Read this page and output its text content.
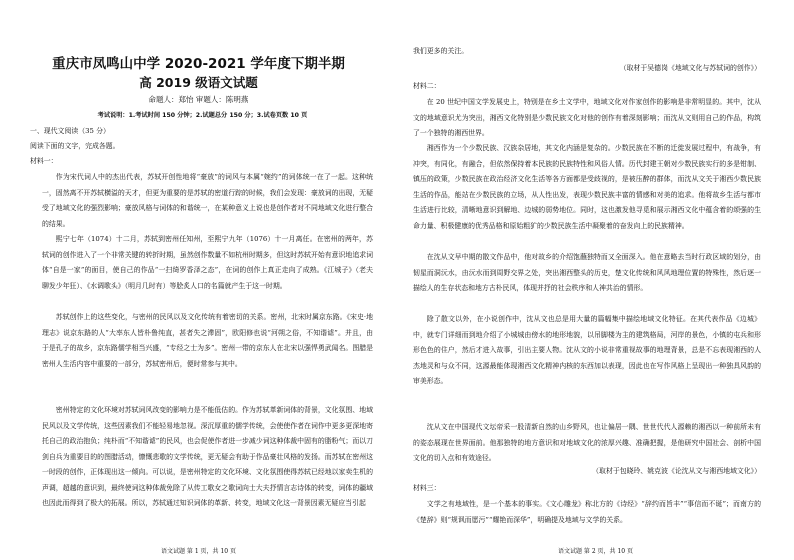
重庆市凤鸣山中学 2020-2021 学年度下期半期
高 2019 级语文试题
命题人：郑怡 审题人：陈明燕
考试说明：1.考试时间 150 分钟；2.试题总分 150 分；3.试卷页数 10 页
一、现代文阅读（35 分）
阅读下面的文字，完成各题。
材料一：

作为宋代词人中的杰出代表，苏轼开创性地将“豪放”的词风与本属“婉约”的词体统一在了一起。这种统一，固然离不开苏轼横溢的天才，但更为重要的是苏轼的密道行踪的时候，我们会发现：豪放词的出现，无疑受了地域文化的强烈影响；豪放风格与词体的和谐统一，在某种意义上说也是创作者对不同地域文化进行整合的结果。

熙宁七年（1074）十二月，苏轼到密州任知州，至熙宁九年（1076）十一月离任。在密州的两年，苏轼词的创作进入了一个非常关键的转折时期，虽然创作数量不如杭州时期多，但这时苏轼开始有意识地追求词体“自是一家”的面目，使自己的作品“一扫绮罗香泽之态”，在词的创作上真正走向了成熟。《江城子》（老夫聊发少年狂）、《水调歌头》（明月几时有）等脍炙人口的名篇就产生于这一时期。

苏轼创作上的这些变化，与密州的民风以及文化传统有着密切的关系。密州，北宋时属京东路。《宋史·地理志》说京东路的人“大率东人皆朴鲁纯直，甚者失之滞固”，欧阳修也说“河朔之俗，不知谐谑”。并且，由于是孔子的故乡，京东路儒学相当兴盛，“专经之士为多”。密州一带的京东人在北宋以强悍勇武闻名。图腊是密州人生活内容中重要的一部分，苏轼密州后，便时常参与其中。

密州特定的文化环境对苏轼词风改变的影响力是不能低估的。作为苏轼革新词体的背景，文化氛围、地域民风以及文学传统，这些因素我们不能轻易地忽视。深沉厚重的儒学传统，会使使作者在词作中更多更深地寄托自己的政治抱负；纯朴而“不知谐谑”的民风，也会促使作者进一步减少词这种体裁中固有的脂粉气；而以刀剑自兵为重要目的的图腊活动，慷慨悲歌的文学传统，更无疑会有助于作品豪壮风格的发扬。而苏轼在密州这一时段的创作，正体现出这一倾向。可以说，是密州特定的文化环境、文化氛围使得苏轼已经地以家卖生机的声调，超越的意识到，最终使词这种体裁免除了从传工歌女之歌词向士大夫抒情言志诗体的转变，词体的疆域也因此而得到了极大的拓展。所以，苏轼通过知识词体的革新、转变，地域文化这一背景因素无疑应当引起

语文试题 第 1 页，共 10 页
我们更多的关注。
（取材于吴德岗《地域文化与苏轼词的创作》）
材料二：

在 20 世纪中国文学发展史上，特别是在乡土文学中，地域文化对作家创作的影响是非常明显的。其中，沈从文的地域意识尤为突出，湘西文化特别是少数民族文化对他的创作有着深刻影响；而沈从文则用自己的作品，构筑了一个独特的湘西世界。

湘西作为一个少数民族、汉族杂居地，其文化内涵是复杂的。少数民族在不断的迁徙发展过程中，有战争，有冲突，有同化，有融合，但依然保持着本民族的民族特性和风俗人情。历代封建王朝对少数民族实行的多是钳制、镇压的政策，少数民族在政治经济文化生活等各方面都是受歧视的，是被压醉的群体，而沈从文关于湘西少数民族生活的作品，能站在少数民族的立场，从人性出发，表现少数民族丰富的情感和对美的追求。他将故乡生活与都市生活进行比较，清晰地意识到解地、边城的弱势地位。同时，这也激发他寻觅和展示湘西文化中蕴含着的颂强的生命力量、积极健康的优秀品格和原始粗犷的少数民族生活中凝聚着的奋发向上的民族精神。

在沈从文早中期的散文作品中，他对故乡的介绍饱蘸独特而又全面深入。他在意略去当时行政区域的划分，由韧星而洞沅水，由沅水而到周野交界之处，突出湘西整头的历史，楚文化传统和风风地理位置的特殊性，然后逐一描绘人的生存状态和地方古朴民风，体现并抒的社会秩序和人神共治的情形。

除了散文以外，在小说创作中，沈从文也总是用大量的篇幅集中描绘地域文化特征。在其代表作品《边城》中，就专门详细而到地介绍了小城城由傍水的地形地貌，以吊脚楼为主的建筑格局，河岸的景色，小镇的屯兵和形形色色的住户，然后才进入故事，引出主要人物。沈从文的小说非常重视故事的地理背景，总是不忘表现湘西的人杰地灵和与众不同，这源最能体现湘西文化精神内核的东西加以表现，因此也在写作风格上呈现出一种独具风韵的审美形态。

沈从文在中国现代文坛帝采一股清新自然的山乡野风，也让偏居一隅、世世代代人源赖的湘西以一种前所未有的姿态展现在世界面前。他那独特的地方意识和对地域文化的浓厚兴趣、准确把握，是他研究中国社会、剖析中国文化的切入点和有效途径。

（取材于包晓玲、姚克波《论沈从文与湘西地域文化》）
材料三：

文学之有地域性，是一个基本的事实。《文心雕龙》称北方的《诗经》“辞约而旨丰”“事信而不诞”；而南方的《楚辞》则“规讽而愿污”“耀艳而深华”，明确提及地域与文学的关系。

语文试题 第 2 页，共 10 页
